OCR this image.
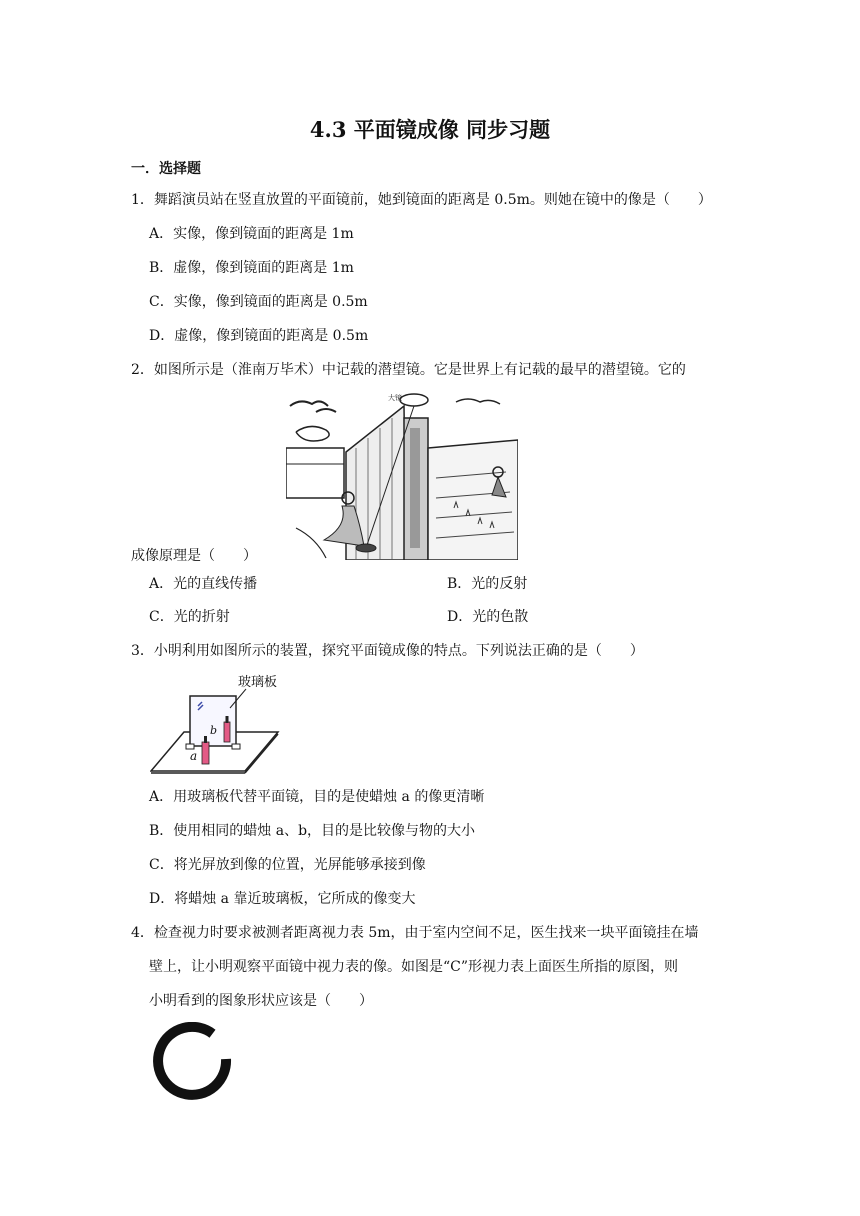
4.3 平面镜成像 同步习题
一．选择题
1．舞蹈演员站在竖直放置的平面镜前，她到镜面的距离是 0.5m。则她在镜中的像是（　　）
A．实像，像到镜面的距离是 1m
B．虚像，像到镜面的距离是 1m
C．实像，像到镜面的距离是 0.5m
D．虚像，像到镜面的距离是 0.5m
2．如图所示是（淮南万毕术）中记载的潜望镜。它是世界上有记载的最早的潜望镜。它的
大镜
成像原理是（　　）
A．光的直线传播	B．光的反射
C．光的折射	D．光的色散
3．小明利用如图所示的装置，探究平面镜成像的特点。下列说法正确的是（　　）
玻璃板
b
a
A．用玻璃板代替平面镜，目的是使蜡烛 a 的像更清晰
B．使用相同的蜡烛 a、b，目的是比较像与物的大小
C．将光屏放到像的位置，光屏能够承接到像
D．将蜡烛 a 靠近玻璃板，它所成的像变大
4．检查视力时要求被测者距离视力表 5m，由于室内空间不足，医生找来一块平面镜挂在墙
壁上，让小明观察平面镜中视力表的像。如图是“C”形视力表上面医生所指的原图，则
小明看到的图象形状应该是（　　）
